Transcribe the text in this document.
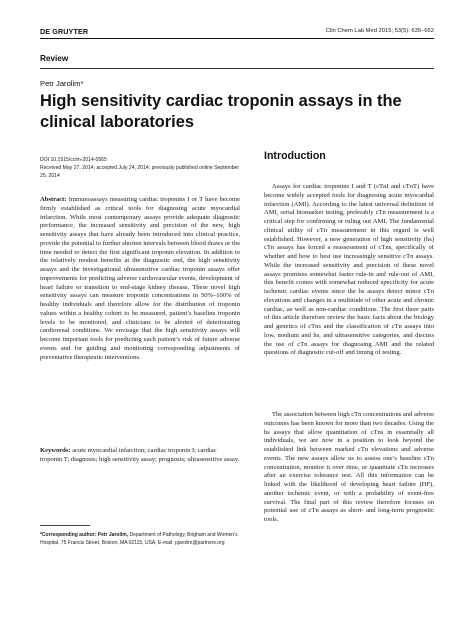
DE GRUYTER	Clin Chem Lab Med 2015; 53(5): 635–652
Review
Petr Jarolim*
High sensitivity cardiac troponin assays in the clinical laboratories
DOI 10.1515/cclm-2014-0565
Received May 27, 2014; accepted July 24, 2014; previously published online September 25, 2014

Abstract: Immunoassays measuring cardiac troponins I or T have become firmly established as critical tools for diagnosing acute myocardial infarction. While most contemporary assays provide adequate diagnostic performance, the increased sensitivity and precision of the new, high sensitivity assays that have already been introduced into clinical practice, provide the potential to further shorten intervals between blood draws or the time needed to detect the first significant troponin elevation. In addition to the relatively modest benefits at the diagnostic end, the high sensitivity assays and the investigational ultrasensitive cardiac troponin assays offer improvements for predicting adverse cardiovascular events, development of heart failure or transition to end-stage kidney disease. These novel high sensitivity assays can measure troponin concentrations in 50%–100% of healthy individuals and therefore allow for the distribution of troponin values within a healthy cohort to be measured, patient’s baseline troponin levels to be monitored, and clinicians to be alerted of deteriorating cardiorenal conditions. We envisage that the high sensitivity assays will become important tools for predicting each patient’s risk of future adverse events and for guiding and monitoring corresponding adjustments of preventative therapeutic interventions.

Keywords: acute myocardial infarction; cardiac troponin I; cardiac troponin T; diagnosis; high sensitivity assay; prognosis; ultrasensitive assay.

*Corresponding author: Petr Jarolim, Department of Pathology, Brigham and Women’s Hospital, 75 Francis Street, Boston, MA 02115, USA, E-mail: pjarolim@partners.org

Introduction

Assays for cardiac troponins I and T (cTnI and cTnT) have become widely accepted tools for diagnosing acute myocardial infarction (AMI). According to the latest universal definition of AMI, serial biomarker testing, preferably cTn measurement is a critical step for confirming or ruling out AMI. The fundamental clinical utility of cTn measurement in this regard is well established. However, a new generation of high sensitivity (hs) cTn assays has forced a reassessment of cTns, specifically of whether and how to best use increasingly sensitive cTn assays. While the increased sensitivity and precision of these novel assays promises somewhat faster rule-in and rule-out of AMI, this benefit comes with somewhat reduced specificity for acute ischemic cardiac events since the hs assays detect minor cTn elevations and changes in a multitude of other acute and chronic cardiac, as well as non-cardiac conditions. The first three parts of this article therefore review the basic facts about the biology and genetics of cTns and the classification of cTn assays into low, medium and hs, and ultrasensitive categories, and discuss the use of cTn assays for diagnosing AMI and the related questions of diagnostic cut-off and timing of testing.

The association between high cTn concentrations and adverse outcomes has been known for more than two decades. Using the hs assays that allow quantitation of cTns in essentially all individuals, we are now in a position to look beyond the established link between marked cTn elevations and adverse events. The new assays allow us to assess one’s baseline cTn concentration, monitor it over time, or quantitate cTn increases after an exercise tolerance test. All this information can be linked with the likelihood of developing heart failure (HF), another ischemic event, or with a probability of event-free survival. The final part of this review therefore focuses on potential use of cTn assays as short- and long-term prognostic tools.
